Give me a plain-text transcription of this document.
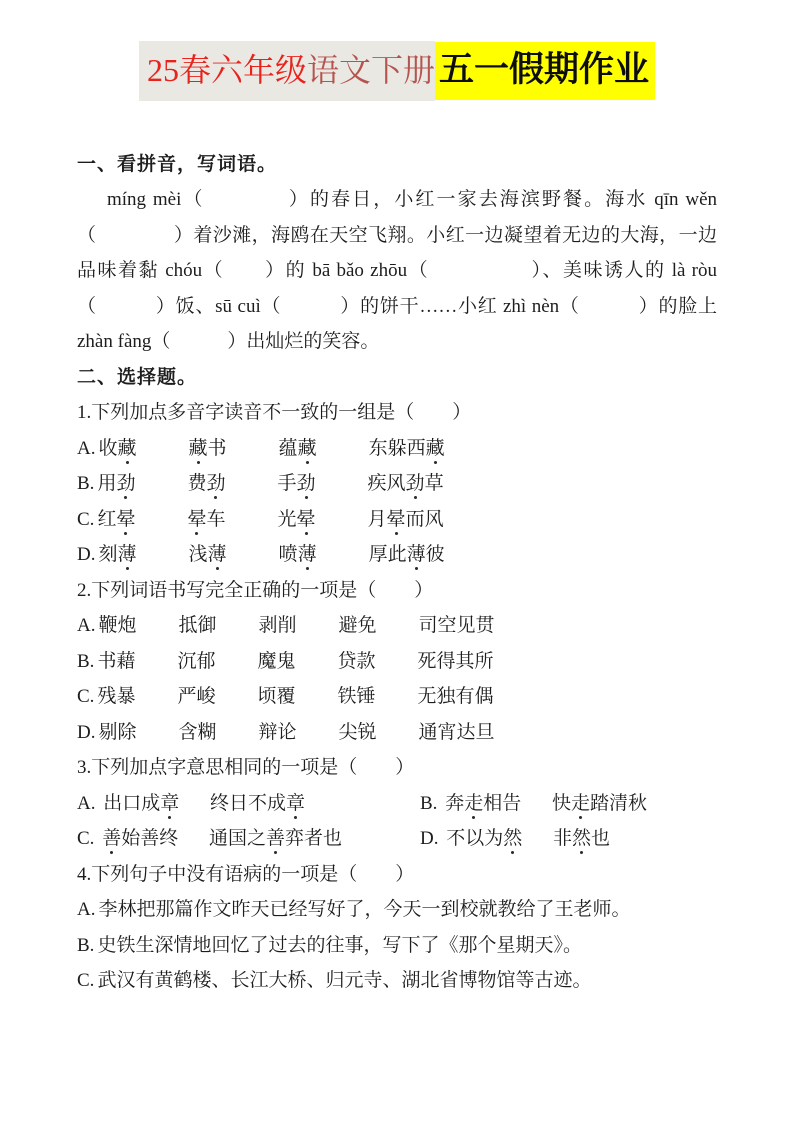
25春六年级语文下册 五一假期作业
一、看拼音，写词语。

míng mèi（　　　　）的春日，小红一家去海滨野餐。海水 qīn wěn（　　　　）着沙滩，海鸥在天空飞翔。小红一边凝望着无边的大海，一边品味着黏 chóu（　　）的 bā bǎo zhōu（　　　　　）、美味诱人的 là ròu（　　　）饭、sū cuì（　　　）的饼干……小红 zhì nèn（　　　）的脸上 zhàn fàng（　　　）出灿烂的笑容。

二、选择题。
1.下列加点多音字读音不一致的一组是（　　）
A. 收藏	藏书	蕴藏	东躲西藏
B. 用劲	费劲	手劲	疾风劲草
C. 红晕	晕车	光晕	月晕而风
D. 刻薄	浅薄	喷薄	厚此薄彼
2.下列词语书写完全正确的一项是（　　）
A. 鞭炮 抵御 剥削 避免 司空见贯
B. 书藉 沉郁 魔鬼 贷款 死得其所
C. 残暴 严峻 顷覆 铁锤 无独有偶
D. 剔除 含糊 辩论 尖锐 通宵达旦
3.下列加点字意思相同的一项是（　　）
A. 出口成章 终日不成章	B. 奔走相告 快走踏清秋
C. 善始善终 通国之善弈者也	D. 不以为然 非然也
4.下列句子中没有语病的一项是（　　）
A. 李林把那篇作文昨天已经写好了，今天一到校就教给了王老师。
B. 史铁生深情地回忆了过去的往事，写下了《那个星期天》。
C. 武汉有黄鹤楼、长江大桥、归元寺、湖北省博物馆等古迹。
